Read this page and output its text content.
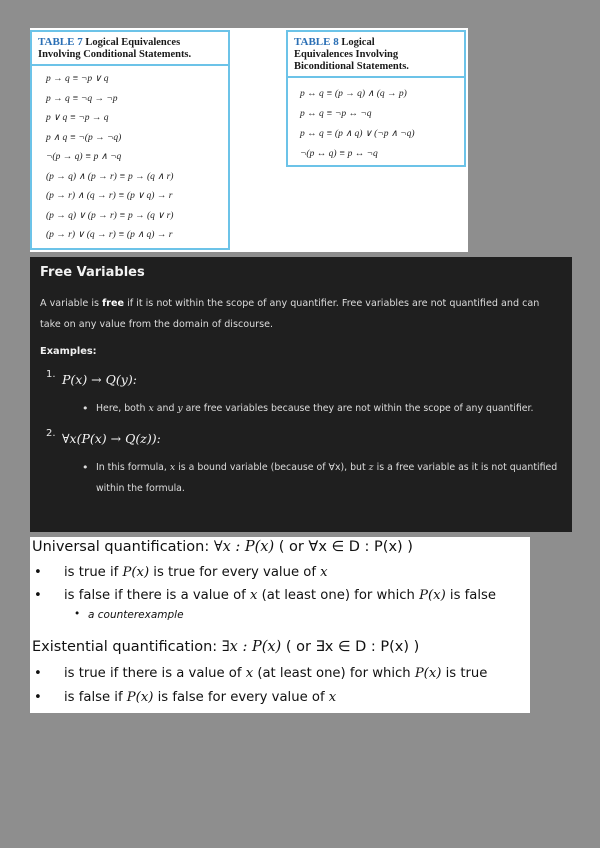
TABLE 7 Logical Equivalences
Involving Conditional Statements.
p → q ≡ ¬p ∨ q
p → q ≡ ¬q → ¬p
p ∨ q ≡ ¬p → q
p ∧ q ≡ ¬(p → ¬q)
¬(p → q) ≡ p ∧ ¬q
(p → q) ∧ (p → r) ≡ p → (q ∧ r)
(p → r) ∧ (q → r) ≡ (p ∨ q) → r
(p → q) ∨ (p → r) ≡ p → (q ∨ r)
(p → r) ∨ (q → r) ≡ (p ∧ q) → r
TABLE 8 Logical
Equivalences Involving
Biconditional Statements.
p ↔ q ≡ (p → q) ∧ (q → p)
p ↔ q ≡ ¬p ↔ ¬q
p ↔ q ≡ (p ∧ q) ∨ (¬p ∧ ¬q)
¬(p ↔ q) ≡ p ↔ ¬q
Free Variables
A variable is free if it is not within the scope of any quantifier. Free variables are not quantified and can take on any value from the domain of discourse.
Examples:
1. P(x) → Q(y):
• Here, both x and y are free variables because they are not within the scope of any quantifier.
2. ∀x(P(x) → Q(z)):
• In this formula, x is a bound variable (because of ∀x), but z is a free variable as it is not quantified within the formula.
Universal quantification: ∀x : P(x) ( or ∀x ∈ D : P(x) )
• is true if P(x) is true for every value of x
• is false if there is a value of x (at least one) for which P(x) is false
• a counterexample
Existential quantification: ∃x : P(x) ( or ∃x ∈ D : P(x) )
• is true if there is a value of x (at least one) for which P(x) is true
• is false if P(x) is false for every value of x
